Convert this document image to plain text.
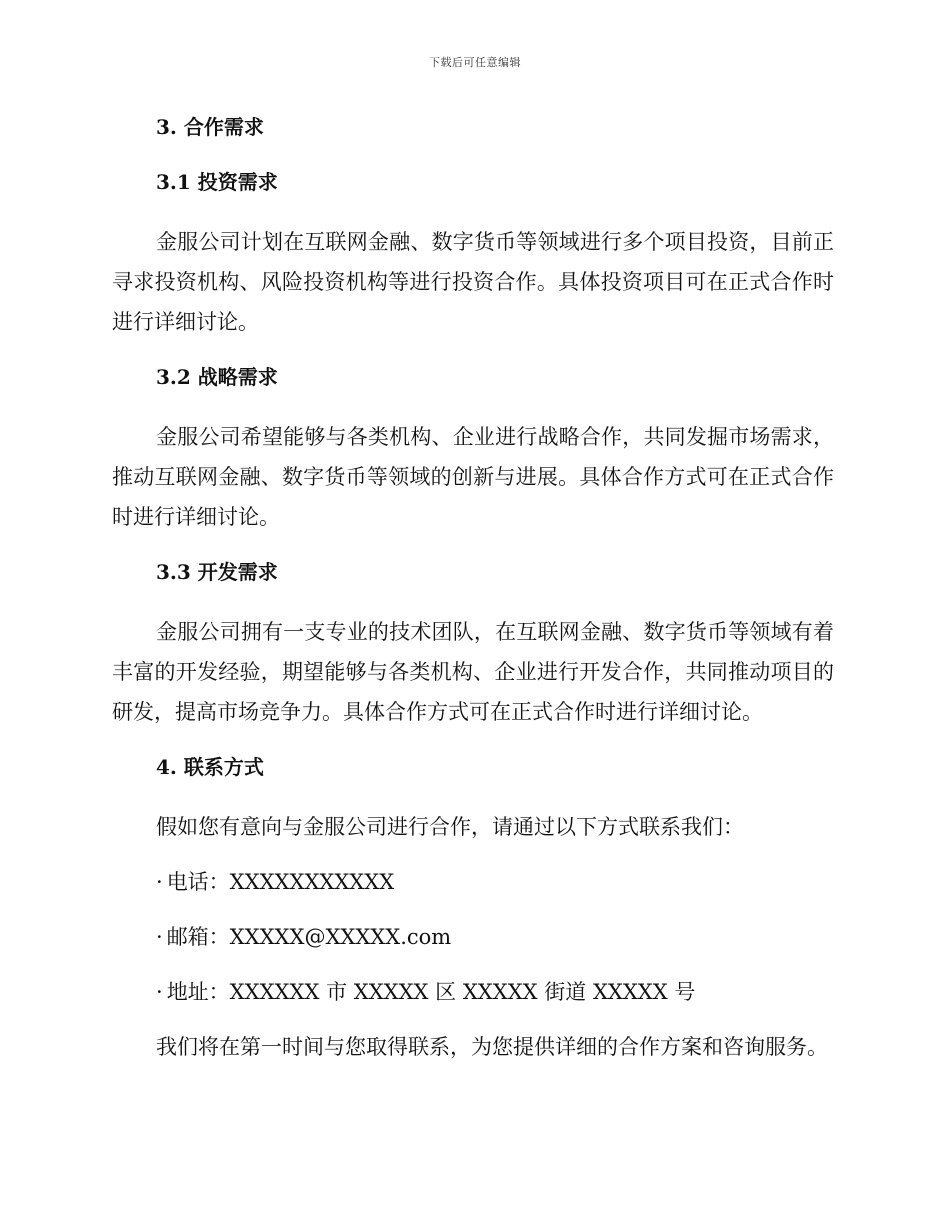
下载后可任意编辑
3. 合作需求
3.1 投资需求

金服公司计划在互联网金融、数字货币等领域进行多个项目投资，目前正寻求投资机构、风险投资机构等进行投资合作。具体投资项目可在正式合作时进行详细讨论。

3.2 战略需求

金服公司希望能够与各类机构、企业进行战略合作，共同发掘市场需求，推动互联网金融、数字货币等领域的创新与进展。具体合作方式可在正式合作时进行详细讨论。

3.3 开发需求

金服公司拥有一支专业的技术团队，在互联网金融、数字货币等领域有着丰富的开发经验，期望能够与各类机构、企业进行开发合作，共同推动项目的研发，提高市场竞争力。具体合作方式可在正式合作时进行详细讨论。

4. 联系方式

假如您有意向与金服公司进行合作，请通过以下方式联系我们：

· 电话：XXXXXXXXXXX
· 邮箱：XXXXX@XXXXX.com
· 地址：XXXXXX 市 XXXXX 区 XXXXX 街道 XXXXX 号

我们将在第一时间与您取得联系，为您提供详细的合作方案和咨询服务。
